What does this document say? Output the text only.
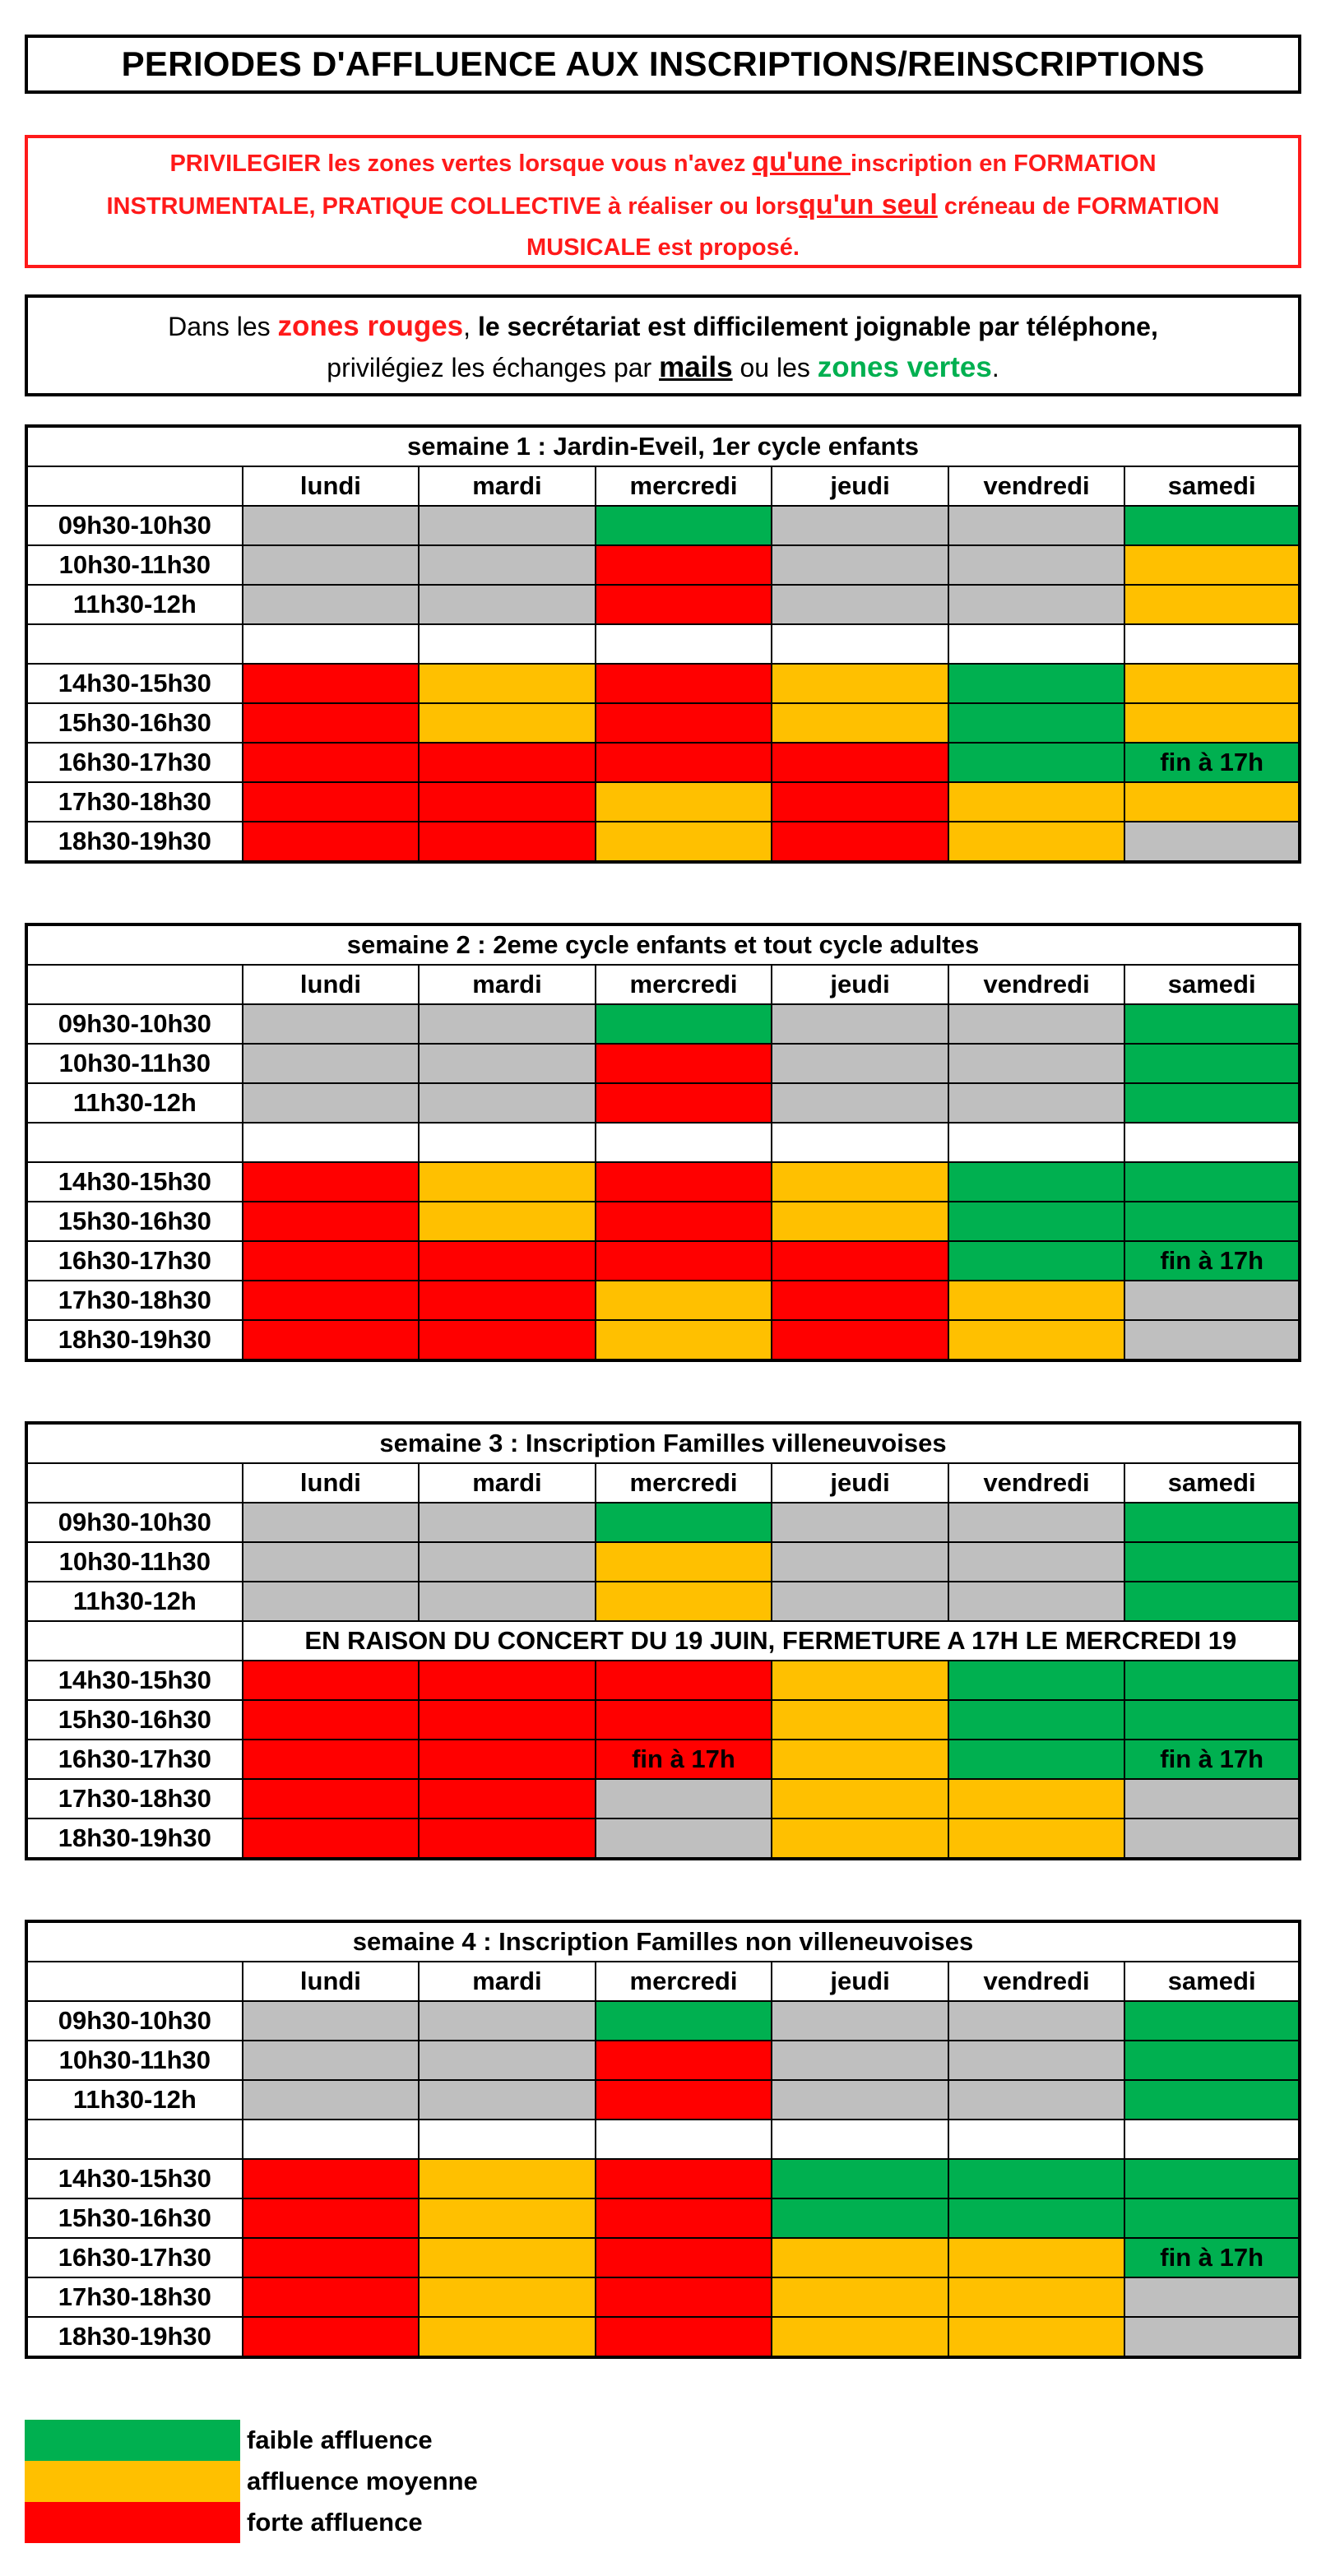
PERIODES D'AFFLUENCE AUX INSCRIPTIONS/REINSCRIPTIONS
PRIVILEGIER les zones vertes lorsque vous n'avez qu'une inscription en FORMATION
INSTRUMENTALE, PRATIQUE COLLECTIVE à réaliser ou lorsqu'un seul créneau de FORMATION
MUSICALE est proposé.
Dans les zones rouges, le secrétariat est difficilement joignable par téléphone,
privilégiez les échanges par mails ou les zones vertes.
semaine 1 : Jardin-Eveil, 1er cycle enfants						
	lundi	mardi	mercredi	jeudi	vendredi	samedi
09h30-10h30						
10h30-11h30						
11h30-12h						

14h30-15h30						
15h30-16h30						
16h30-17h30						fin à 17h
17h30-18h30						
18h30-19h30						
semaine 2 : 2eme cycle enfants et tout cycle adultes						
	lundi	mardi	mercredi	jeudi	vendredi	samedi
09h30-10h30						
10h30-11h30						
11h30-12h						

14h30-15h30						
15h30-16h30						
16h30-17h30						fin à 17h
17h30-18h30						
18h30-19h30						
semaine 3 : Inscription Familles villeneuvoises						
	lundi	mardi	mercredi	jeudi	vendredi	samedi
09h30-10h30						
10h30-11h30						
11h30-12h						
	EN RAISON DU CONCERT DU 19 JUIN, FERMETURE A 17H LE MERCREDI 19					
14h30-15h30						
15h30-16h30						
16h30-17h30			fin à 17h			fin à 17h
17h30-18h30						
18h30-19h30						
semaine 4 : Inscription Familles non villeneuvoises						
	lundi	mardi	mercredi	jeudi	vendredi	samedi
09h30-10h30						
10h30-11h30						
11h30-12h						

14h30-15h30						
15h30-16h30						
16h30-17h30						fin à 17h
17h30-18h30						
18h30-19h30						
faible affluence
affluence moyenne
forte affluence
